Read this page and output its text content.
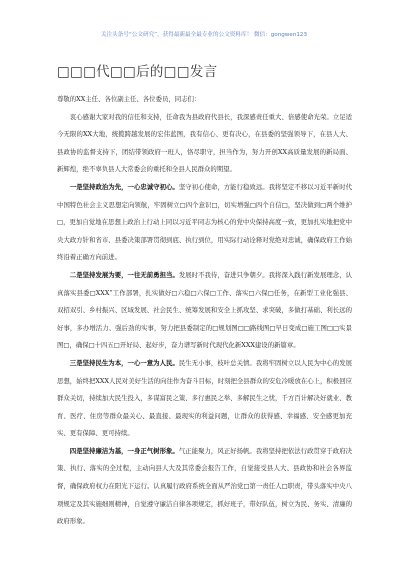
关注头条号“公文研究”，获得最新最全最专业的公文资料库！ 微信：gongwen123
□□□代□□后的□□发言

尊敬的XX主任、各位副主任、各位委员，同志们：

衷心感谢大家对我的信任和支持，任命我为县政府代县长，我深感责任重大、倍感使命光荣。立足适今无限的XX大地，统揽跨越发展的宏伟蓝图，我有信心、更有决心，在县委的坚强领导下，在县人大、县政协的监督支持下，团结带领政府一班人，恪尽职守，担当作为，努力开创XX高质量发展的新局面、新辉煌，绝不辜负县人大常委会的重托和全县人民群众的期望。

一是坚持政治为先，一心忠诚守初心。坚守初心使命，方能行稳致远。我将坚定不移以习近平新时代中国特色社会主义思想定向领航，牢固树立□四个意识□，切实增强□四个自信□，坚决做到□两个维护□，更加自觉地在思想上政治上行动上同以习近平同志为核心的党中央保持高度一致，更加扎实地把党中央大政方针和省市、县委决策部署贯彻到底、执行到位，用实际行动诠释对党绝对忠诚，确保政府工作始终沿着正确方向前进。

二是坚持发展为要，一往无前勇担当。发展时不我待，奋进只争朝夕。我将深入践行新发展理念，认真落实县委□XXX”工作部署，扎实做好□六稳□六保□工作、落实□六保□任务，在新型工业化强县、双招双引、乡村振兴、区域发展、社会民生、统筹发展和安全上抓攻坚、求突破，多做打基础、利长远的好事，多办增活力、强后劲的实事，努力把县委制定的□规划图□□路线图□早日变成□施工图□□实景图□，确保□十四五□开好局、起好步，奋力谱写新时代现代化新XXX建设的新篇章。

三是坚持民生为本，一心一意为人民。民生无小事，枝叶总关情。我将牢固树立以人民为中心的发展思想，始终把XXX人民对美好生活的向往作为奋斗目标，时刻把全县群众的安危冷暖放在心上，积极回应群众关切，持续加大民生投入，多谋富民之策、多行惠民之举、多解民生之忧，千方百计解决好就业、教育、医疗、住房等群众最关心、最直接、最现实的利益问题，让群众的获得感、幸福感、安全感更加充实、更有保障、更可持续。

四是坚持廉洁为基，一身正气树形象。气正能聚力，风正好扬帆。我将坚持把依法行政贯穿于政府决策、执行、落实的全过程，主动向县人大及其常委会报告工作，自觉接受县人大、县政协和社会各界监督，确保政府权力在阳光下运行。认真履行政府系统全面从严治党□第一责任人□职责，带头落实中央八项规定及其实施细则精神，自觉遵守廉洁自律各项规定，抓好班子，带好队伍，树立为民、务实、清廉的政府形象。
